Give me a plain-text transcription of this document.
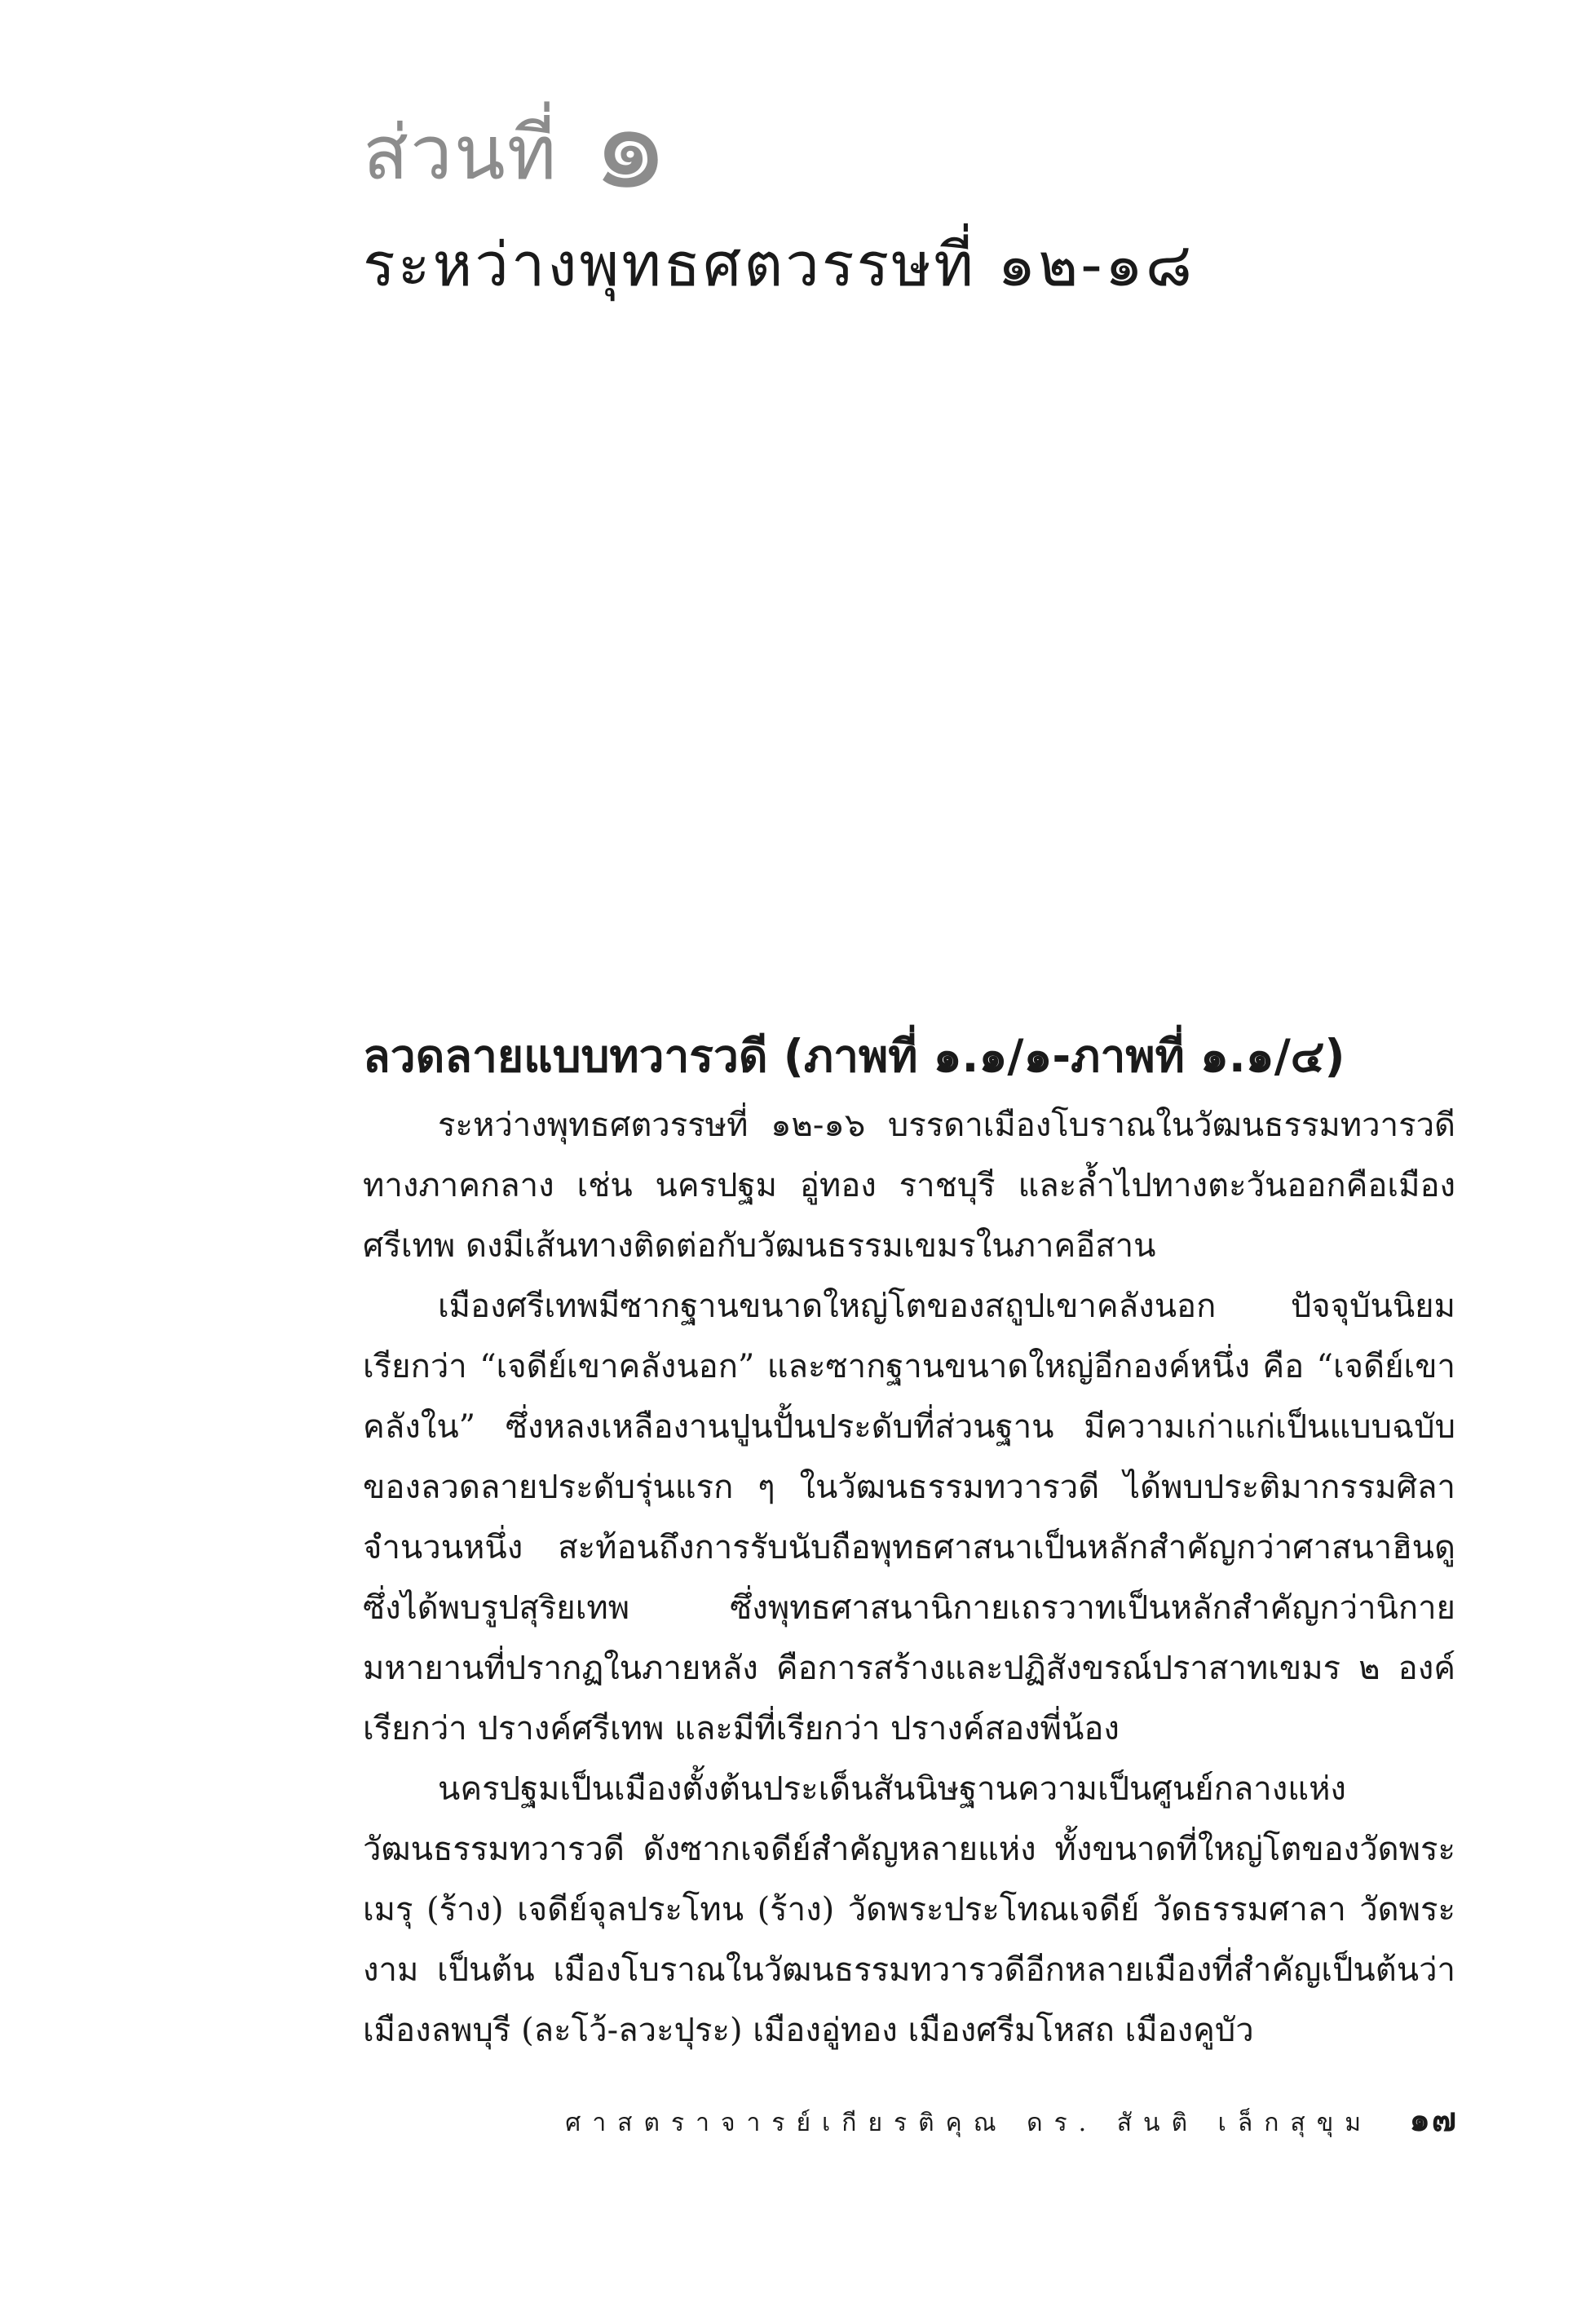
ส่วนที่ ๑
ระหว่างพุทธศตวรรษที่ ๑๒-๑๘
ลวดลายแบบทวารวดี (ภาพที่ ๑.๑/๑-ภาพที่ ๑.๑/๔)

ระหว่างพุทธศตวรรษที่ ๑๒-๑๖ บรรดาเมืองโบราณในวัฒนธรรมทวารวดีทางภาคกลาง เช่น นครปฐม อู่ทอง ราชบุรี และล้ำไปทางตะวันออกคือเมืองศรีเทพ ดงมีเส้นทางติดต่อกับวัฒนธรรมเขมรในภาคอีสาน

เมืองศรีเทพมีซากฐานขนาดใหญ่โตของสถูปเขาคลังนอก ปัจจุบันนิยมเรียกว่า “เจดีย์เขาคลังนอก” และซากฐานขนาดใหญ่อีกองค์หนึ่ง คือ “เจดีย์เขาคลังใน” ซึ่งหลงเหลืองานปูนปั้นประดับที่ส่วนฐาน มีความเก่าแก่เป็นแบบฉบับของลวดลายประดับรุ่นแรก ๆ ในวัฒนธรรมทวารวดี ได้พบประติมากรรมศิลาจำนวนหนึ่ง สะท้อนถึงการรับนับถือพุทธศาสนาเป็นหลักสำคัญกว่าศาสนาฮินดูซึ่งได้พบรูปสุริยเทพ ซึ่งพุทธศาสนานิกายเถรวาทเป็นหลักสำคัญกว่านิกายมหายานที่ปรากฏในภายหลัง คือการสร้างและปฏิสังขรณ์ปราสาทเขมร ๒ องค์ เรียกว่า ปรางค์ศรีเทพ และมีที่เรียกว่า ปรางค์สองพี่น้อง

นครปฐมเป็นเมืองตั้งต้นประเด็นสันนิษฐานความเป็นศูนย์กลางแห่งวัฒนธรรมทวารวดี ดังซากเจดีย์สำคัญหลายแห่ง ทั้งขนาดที่ใหญ่โตของวัดพระเมรุ (ร้าง) เจดีย์จุลประโทน (ร้าง) วัดพระประโทณเจดีย์ วัดธรรมศาลา วัดพระงาม เป็นต้น เมืองโบราณในวัฒนธรรมทวารวดีอีกหลายเมืองที่สำคัญเป็นต้นว่าเมืองลพบุรี (ละโว้-ลวะปุระ) เมืองอู่ทอง เมืองศรีมโหสถ เมืองคูบัว

ศาสตราจารย์เกียรติคุณ ดร. สันติ เล็กสุขุม ๑๗
